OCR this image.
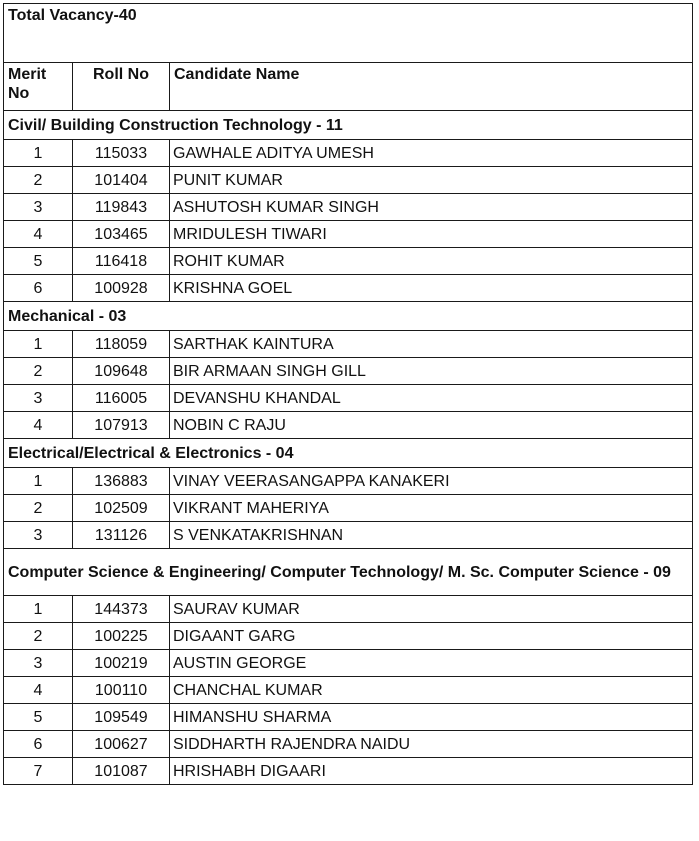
Total Vacancy-40		
Merit No	Roll No	Candidate Name
Civil/ Building Construction Technology - 11		
1	115033	GAWHALE ADITYA UMESH
2	101404	PUNIT KUMAR
3	119843	ASHUTOSH KUMAR SINGH
4	103465	MRIDULESH TIWARI
5	116418	ROHIT KUMAR
6	100928	KRISHNA GOEL
Mechanical - 03		
1	118059	SARTHAK KAINTURA
2	109648	BIR ARMAAN SINGH GILL
3	116005	DEVANSHU KHANDAL
4	107913	NOBIN C RAJU
Electrical/Electrical & Electronics - 04		
1	136883	VINAY VEERASANGAPPA KANAKERI
2	102509	VIKRANT MAHERIYA
3	131126	S VENKATAKRISHNAN
Computer Science & Engineering/ Computer Technology/ M. Sc. Computer Science - 09		
1	144373	SAURAV KUMAR
2	100225	DIGAANT GARG
3	100219	AUSTIN GEORGE
4	100110	CHANCHAL KUMAR
5	109549	HIMANSHU SHARMA
6	100627	SIDDHARTH RAJENDRA NAIDU
7	101087	HRISHABH DIGAARI
